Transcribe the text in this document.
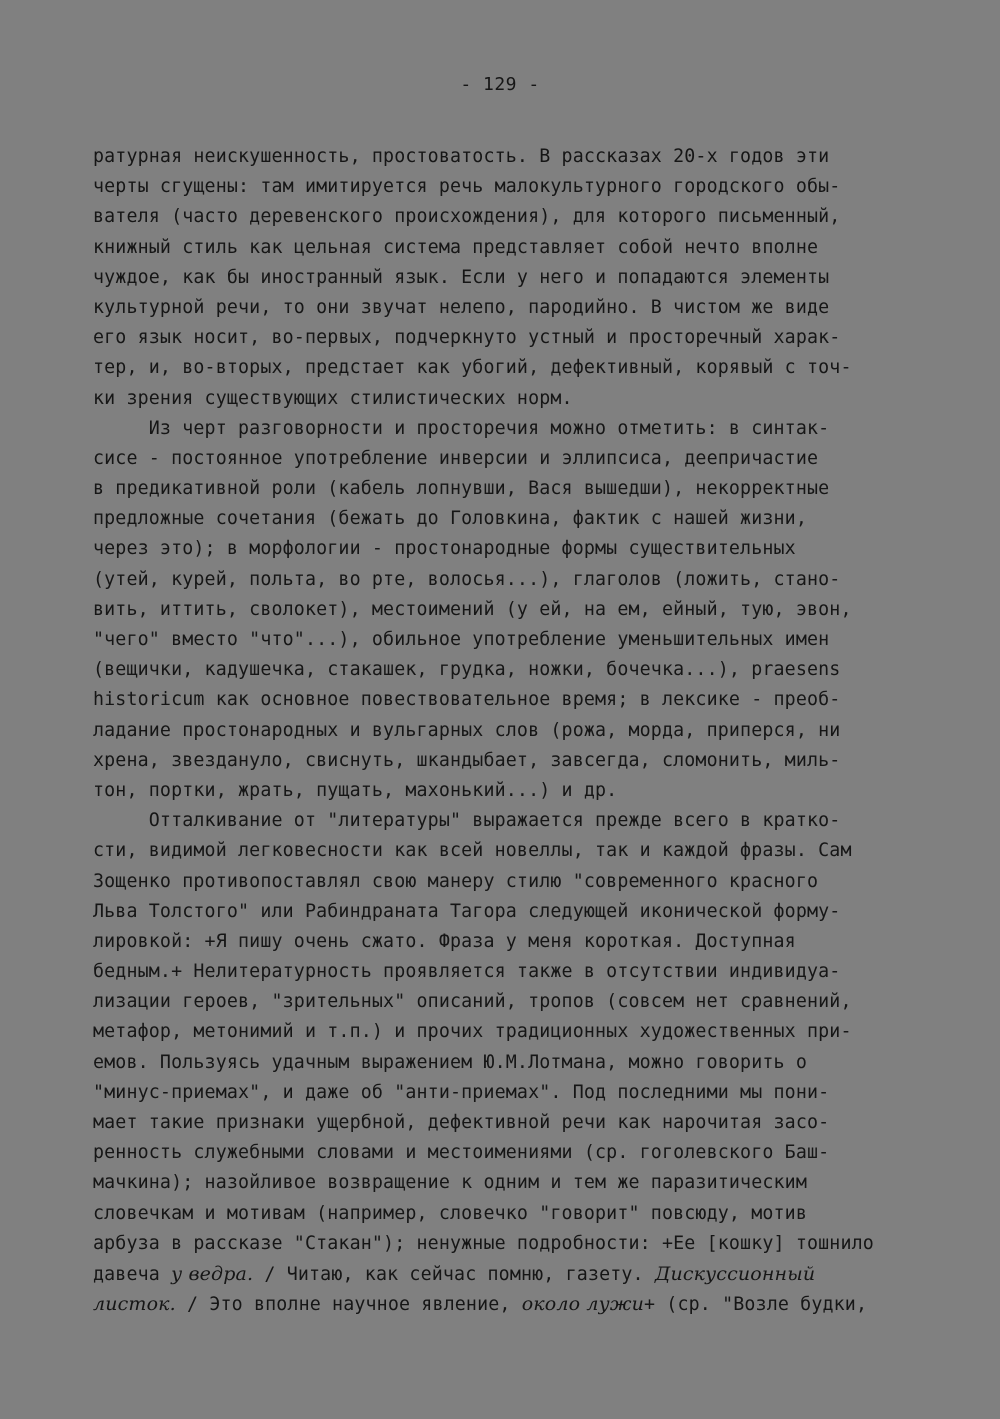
- 129 -
ратурная неискушенность, простоватость. В рассказах 20-х годов эти
черты сгущены: там имитируется речь малокультурного городского обы-
вателя (часто деревенского происхождения), для которого письменный,
книжный стиль как цельная система представляет собой нечто вполне
чуждое, как бы иностранный язык. Если у него и попадаются элементы
культурной речи, то они звучат нелепо, пародийно. В чистом же виде
его язык носит, во-первых, подчеркнуто устный и просторечный харак-
тер, и, во-вторых, предстает как убогий, дефективный, корявый с точ-
ки зрения существующих стилистических норм.
Из черт разговорности и просторечия можно отметить: в синтак-
сисе - постоянное употребление инверсии и эллипсиса, деепричастие
в предикативной роли (кабель лопнувши, Вася вышедши), некорректные
предложные сочетания (бежать до Головкина, фактик с нашей жизни,
через это); в морфологии - простонародные формы существительных
(утей, курей, польта, во рте, волосья...), глаголов (ложить, стано-
вить, иттить, сволокет), местоимений (у ей, на ем, ейный, тую, эвон,
"чего" вместо "что"...), обильное употребление уменьшительных имен
(вещички, кадушечка, стакашек, грудка, ножки, бочечка...), praesens
historicum как основное повествовательное время; в лексике - преоб-
ладание простонародных и вульгарных слов (рожа, морда, приперся, ни
хрена, звездануло, свиснуть, шкандыбает, завсегда, сломонить, миль-
тон, портки, жрать, пущать, махонький...) и др.
Отталкивание от "литературы" выражается прежде всего в кратко-
сти, видимой легковесности как всей новеллы, так и каждой фразы. Сам
Зощенко противопоставлял свою манеру стилю "современного красного
Льва Толстого" или Рабиндраната Тагора следующей иконической форму-
лировкой: +Я пишу очень сжато. Фраза у меня короткая. Доступная
бедным.+ Нелитературность проявляется также в отсутствии индивидуа-
лизации героев, "зрительных" описаний, тропов (совсем нет сравнений,
метафор, метонимий и т.п.) и прочих традиционных художественных при-
емов. Пользуясь удачным выражением Ю.М.Лотмана, можно говорить о
"минус-приемах", и даже об "анти-приемах". Под последними мы пони-
мает такие признаки ущербной, дефективной речи как нарочитая засо-
ренность служебными словами и местоимениями (ср. гоголевского Баш-
мачкина); назойливое возвращение к одним и тем же паразитическим
словечкам и мотивам (например, словечко "говорит" повсюду, мотив
арбуза в рассказе "Стакан"); ненужные подробности: +Ее [кошку] тошнило
давеча у ведра. / Читаю, как сейчас помню, газету. Дискуссионный
листок. / Это вполне научное явление, около лужи+ (ср. "Возле будки,
